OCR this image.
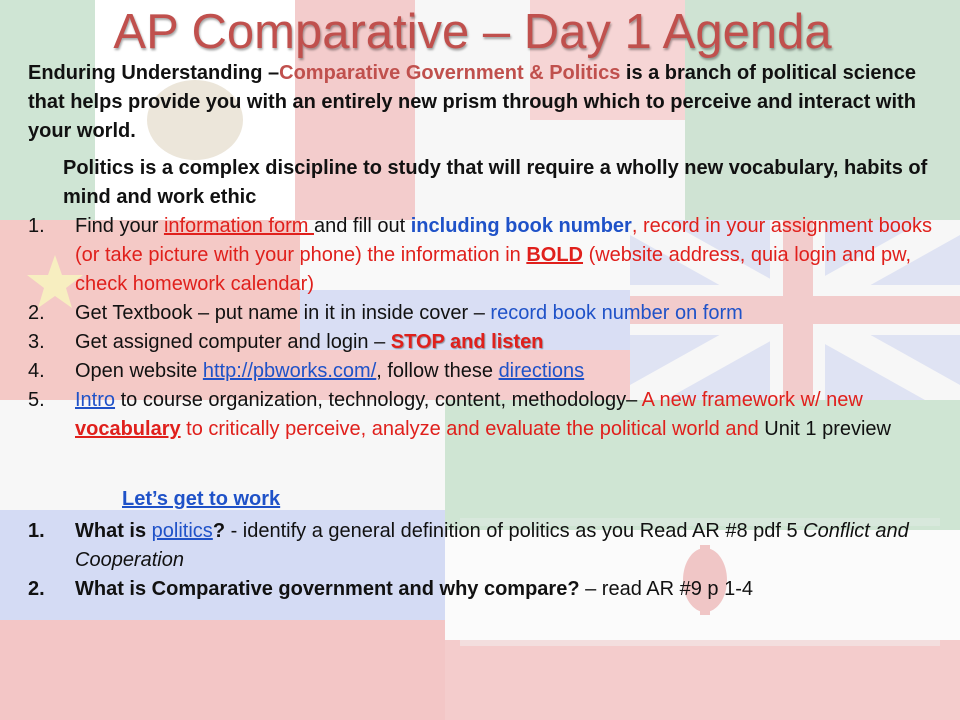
AP Comparative – Day 1 Agenda
Enduring Understanding –Comparative Government & Politics is a branch of political science that helps provide you with an entirely new prism through which to perceive and interact with your world.
Politics is a complex discipline to study that will require a wholly new vocabulary, habits of mind and work ethic
1. Find your information form and fill out including book number, record in your assignment books (or take picture with your phone) the information in BOLD (website address, quia login and pw, check homework calendar)
2. Get Textbook – put name in it in inside cover – record book number on form
3. Get assigned computer and login – STOP and listen
4. Open website http://pbworks.com/, follow these directions
5. Intro to course organization, technology, content, methodology– A new framework w/ new vocabulary to critically perceive, analyze and evaluate the political world and Unit 1 preview
Let’s get to work
1. What is politics? - identify a general definition of politics as you Read AR #8 pdf 5 Conflict and Cooperation
2. What is Comparative government and why compare? – read AR #9 p 1-4
